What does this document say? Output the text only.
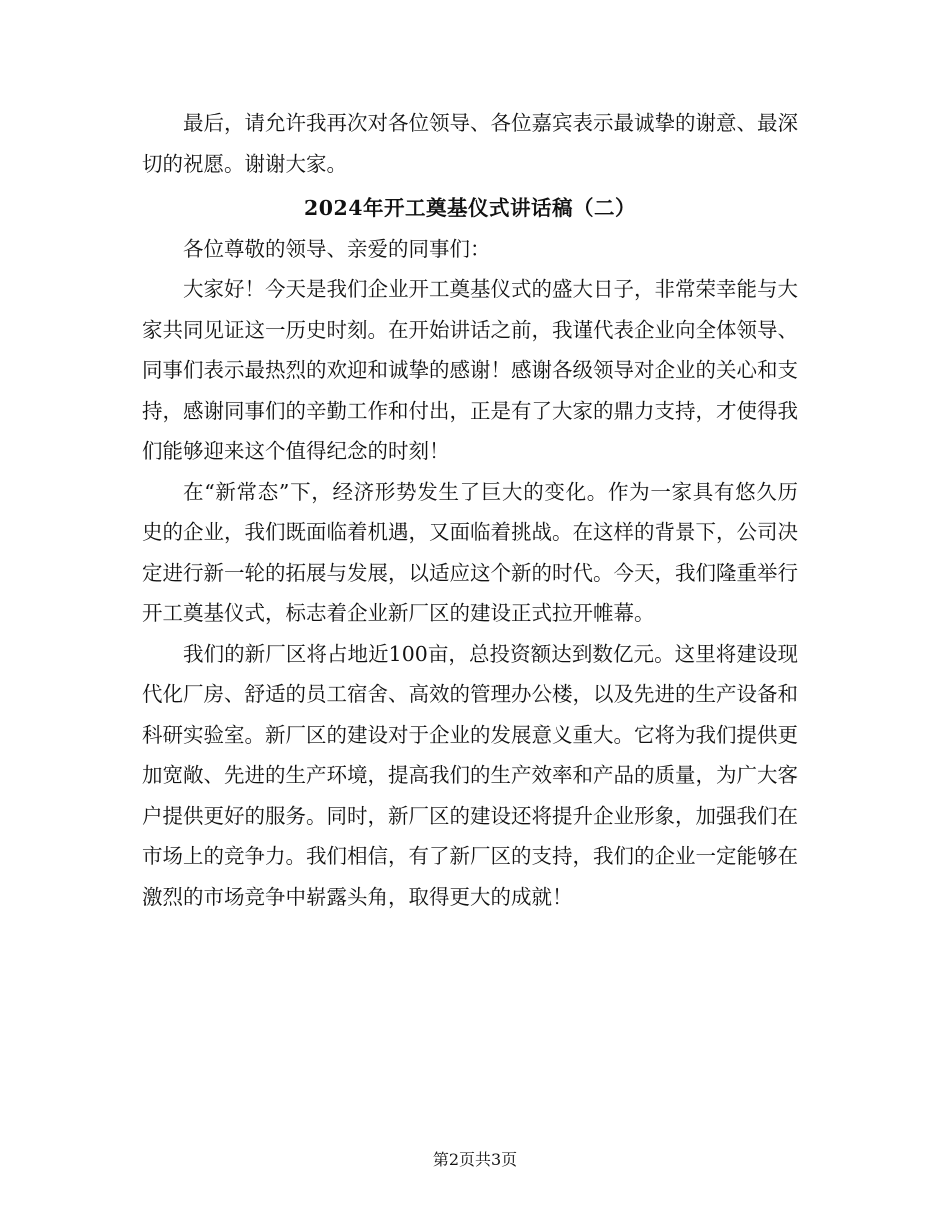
最后，请允许我再次对各位领导、各位嘉宾表示最诚挚的谢意、最深切的祝愿。谢谢大家。

2024年开工奠基仪式讲话稿（二）

各位尊敬的领导、亲爱的同事们：

大家好！今天是我们企业开工奠基仪式的盛大日子，非常荣幸能与大家共同见证这一历史时刻。在开始讲话之前，我谨代表企业向全体领导、同事们表示最热烈的欢迎和诚挚的感谢！感谢各级领导对企业的关心和支持，感谢同事们的辛勤工作和付出，正是有了大家的鼎力支持，才使得我们能够迎来这个值得纪念的时刻！

在“新常态”下，经济形势发生了巨大的变化。作为一家具有悠久历史的企业，我们既面临着机遇，又面临着挑战。在这样的背景下，公司决定进行新一轮的拓展与发展，以适应这个新的时代。今天，我们隆重举行开工奠基仪式，标志着企业新厂区的建设正式拉开帷幕。

我们的新厂区将占地近100亩，总投资额达到数亿元。这里将建设现代化厂房、舒适的员工宿舍、高效的管理办公楼，以及先进的生产设备和科研实验室。新厂区的建设对于企业的发展意义重大。它将为我们提供更加宽敞、先进的生产环境，提高我们的生产效率和产品的质量，为广大客户提供更好的服务。同时，新厂区的建设还将提升企业形象，加强我们在市场上的竞争力。我们相信，有了新厂区的支持，我们的企业一定能够在激烈的市场竞争中崭露头角，取得更大的成就！

第2页共3页
